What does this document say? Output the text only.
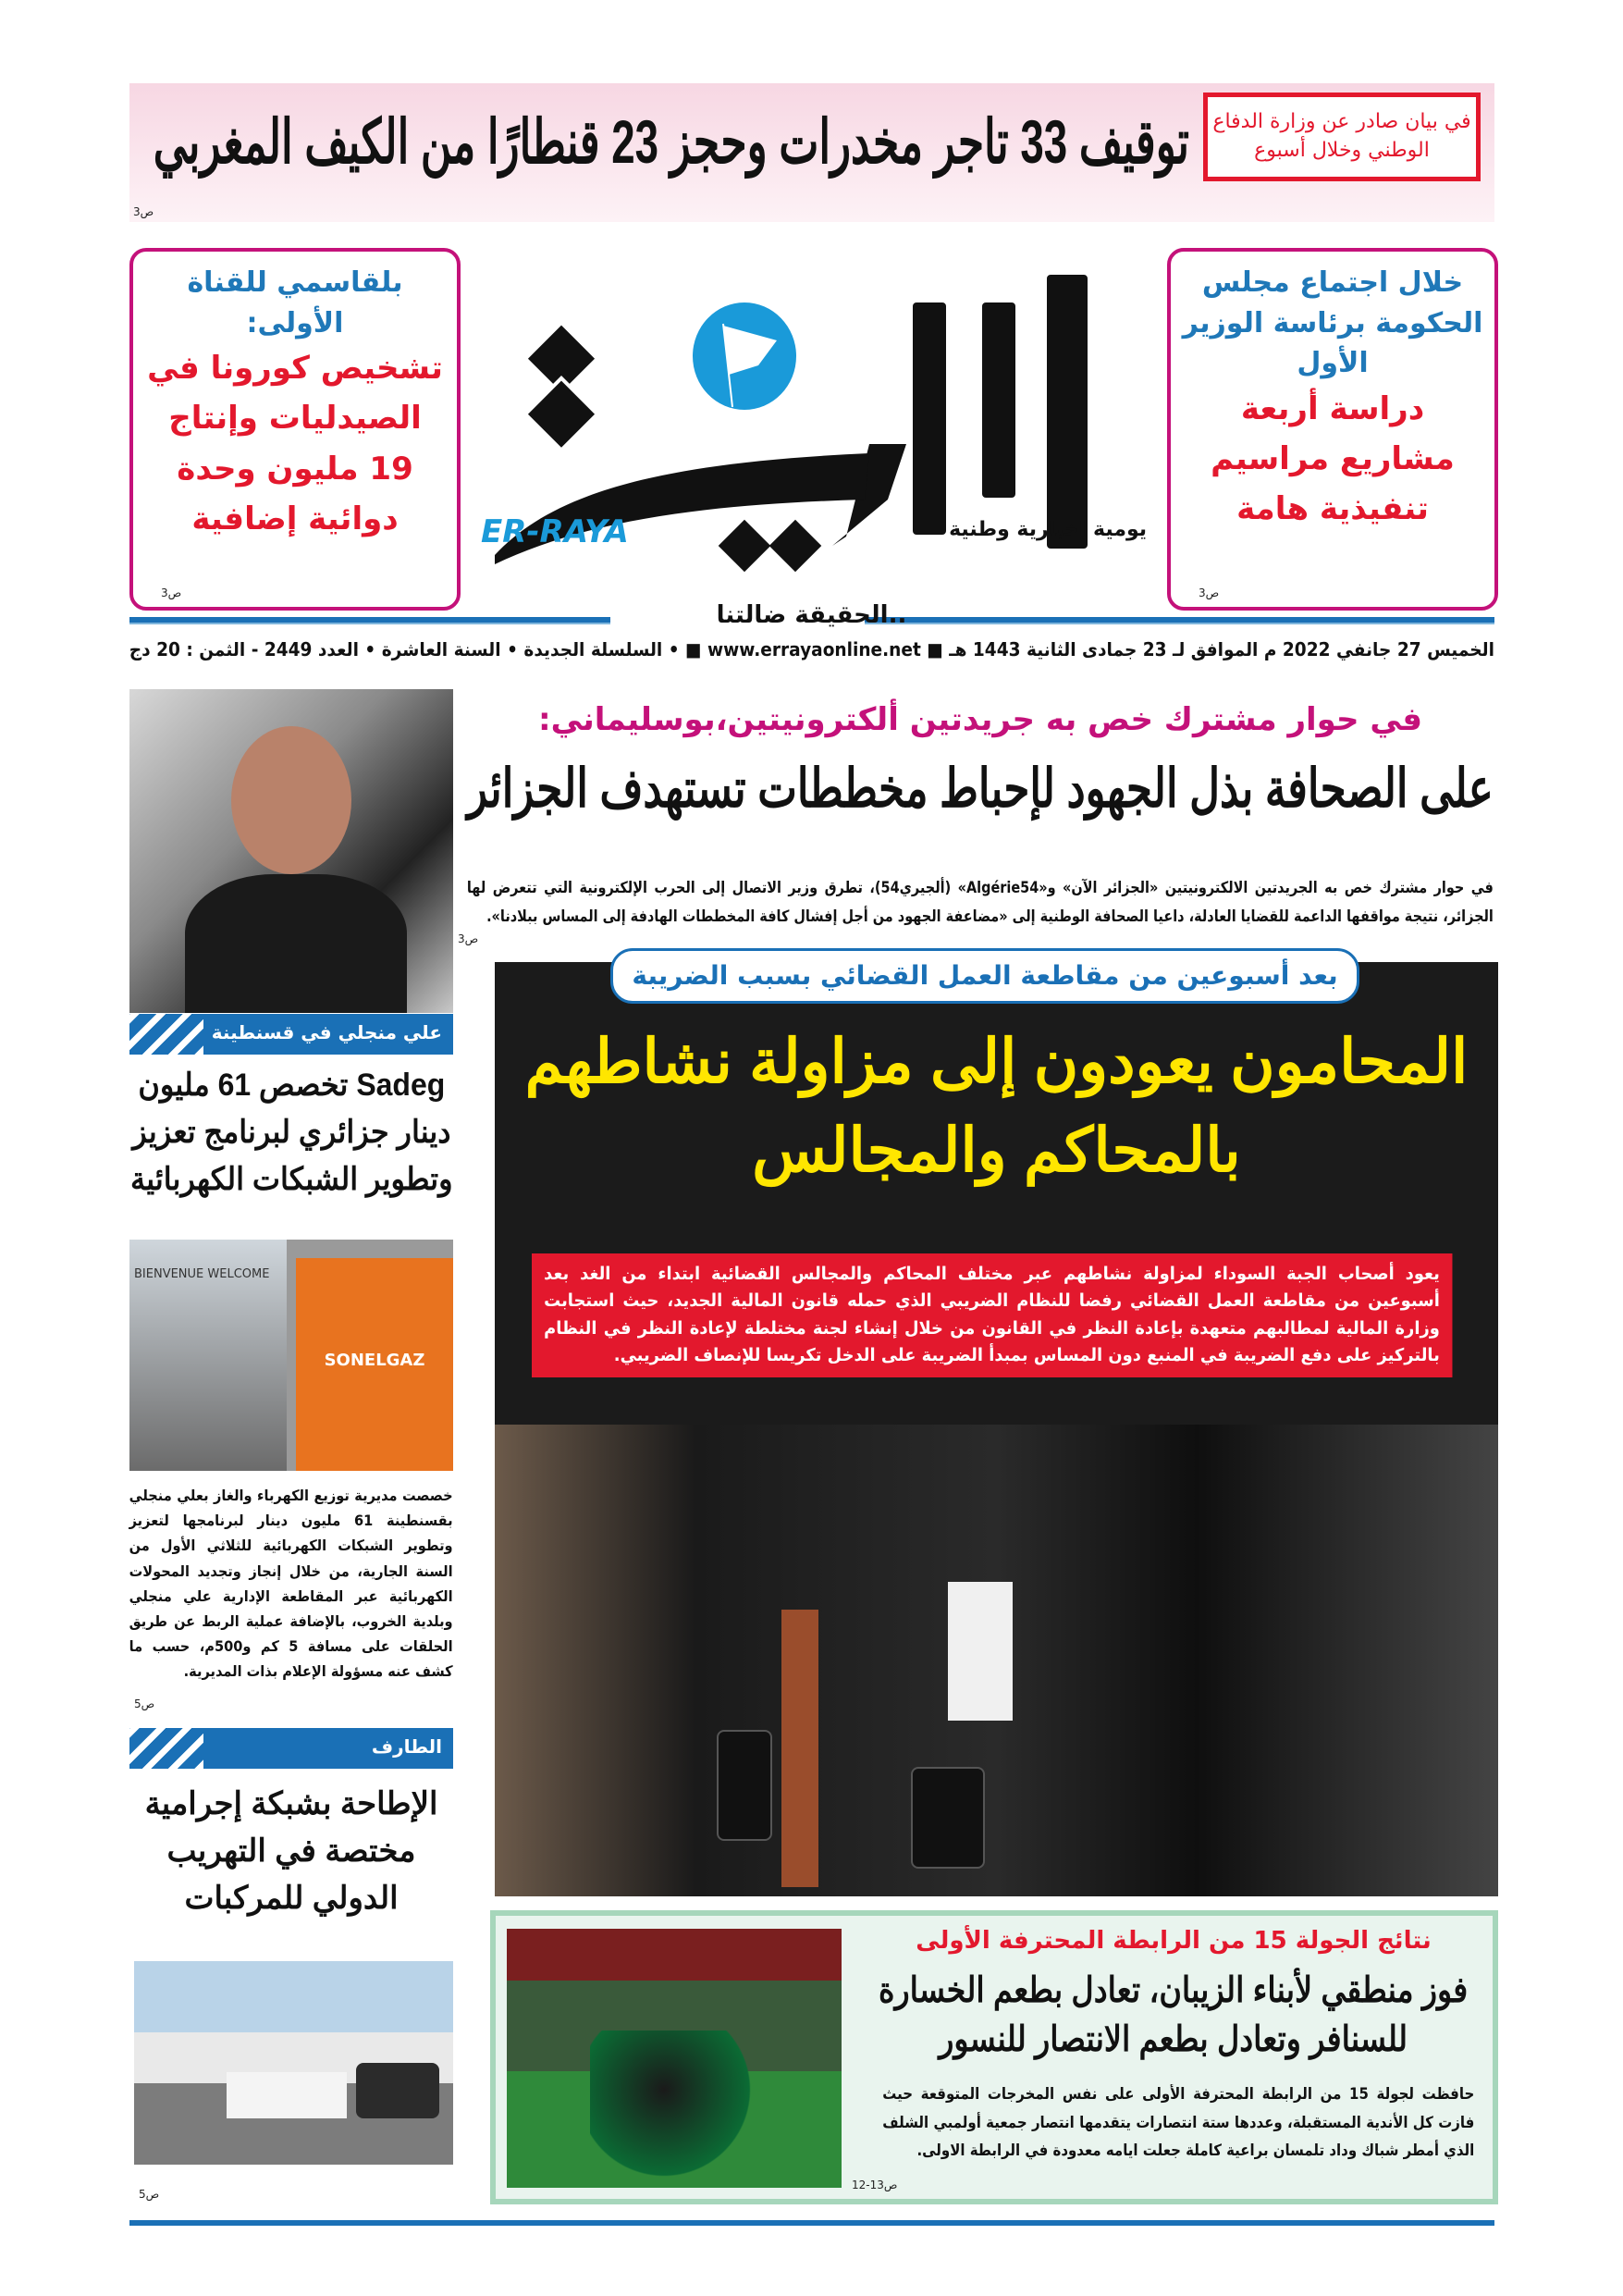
في بيان صادر عن وزارة الدفاع الوطني وخلال أسبوع
توقيف 33 تاجر مخدرات وحجز 23 قنطارًا من الكيف المغربي
ص3
بلقاسمي للقناة الأولى:
تشخيص كورونا في الصيدليات وإنتاج 19 مليون وحدة دوائية إضافية
ص3
خلال اجتماع مجلس الحكومة برئاسة الوزير الأول
دراسة أربعة مشاريع مراسيم تنفيذية هامة
ص3
ER-RAYA	يومية إخبارية وطنية
..الحقيقة ضالتنا
الخميس 27 جانفي 2022 م الموافق لـ 23 جمادى الثانية 1443 هـ ■ www.errayaonline.net ■ • السلسلة الجديدة • السنة العاشرة • العدد 2449 - الثمن : 20 دج
ص3
في حوار مشترك خص به جريدتين ألكترونيتين،بوسليماني:
على الصحافة بذل الجهود لإحباط مخططات تستهدف الجزائر
في حوار مشترك خص به الجريدتين الالكترونيتين «الجزائر الآن» و«Algérie54» (ألجيري54)، تطرق وزير الاتصال إلى الحرب الإلكترونية التي تتعرض لها الجزائر، نتيجة مواقفها الداعمة للقضايا العادلة، داعيا الصحافة الوطنية إلى «مضاعفة الجهود من أجل إفشال كافة المخططات الهادفة إلى المساس ببلادنا».
علي منجلي في قسنطينة
Sadeg تخصص 61 مليون دينار جزائري لبرنامج تعزيز وتطوير الشبكات الكهربائية
SONELGAZ
BIENVENUE WELCOME
خصصت مديرية توزيع الكهرباء والغاز بعلي منجلي بقسنطينة 61 مليون دينار لبرنامجها لتعزيز وتطوير الشبكات الكهربائية للثلاثي الأول من السنة الجارية، من خلال إنجاز وتجديد المحولات الكهربائية عبر المقاطعة الإدارية علي منجلي وبلدية الخروب، بالإضافة عملية الربط عن طريق الحلقات على مسافة 5 كم و500م، حسب ما كشف عنه مسؤولة الإعلام بذات المديرية.
ص5
الطارف
الإطاحة بشبكة إجرامية مختصة في التهريب الدولي للمركبات
ص5
بعد أسبوعين من مقاطعة العمل القضائي بسبب الضريبة
المحامون يعودون إلى مزاولة نشاطهم بالمحاكم والمجالس
يعود أصحاب الجبة السوداء لمزاولة نشاطهم عبر مختلف المحاكم والمجالس القضائية ابتداء من الغد بعد أسبوعين من مقاطعة العمل القضائي رفضا للنظام الضريبي الذي حمله قانون المالية الجديد، حيث استجابت وزارة المالية لمطالبهم متعهدة بإعادة النظر في القانون من خلال إنشاء لجنة مختلطة لإعادة النظر في النظام بالتركيز على دفع الضريبة في المنبع دون المساس بمبدأ الضريبة على الدخل تكريسا للإنصاف الضريبي.
نتائج الجولة 15 من الرابطة المحترفة الأولى
فوز منطقي لأبناء الزيبان، تعادل بطعم الخسارة للسنافر وتعادل بطعم الانتصار للنسور
حافظت لجولة 15 من الرابطة المحترفة الأولى على نفس المخرجات المتوقعة حيث فازت كل الأندية المستقبلة، وعددها ستة انتصارات يتقدمها انتصار جمعية أولمبي الشلف الذي أمطر شباك وداد تلمسان براعية كاملة جعلت ايامه معدودة في الرابطة الاولى.
ص13-12
